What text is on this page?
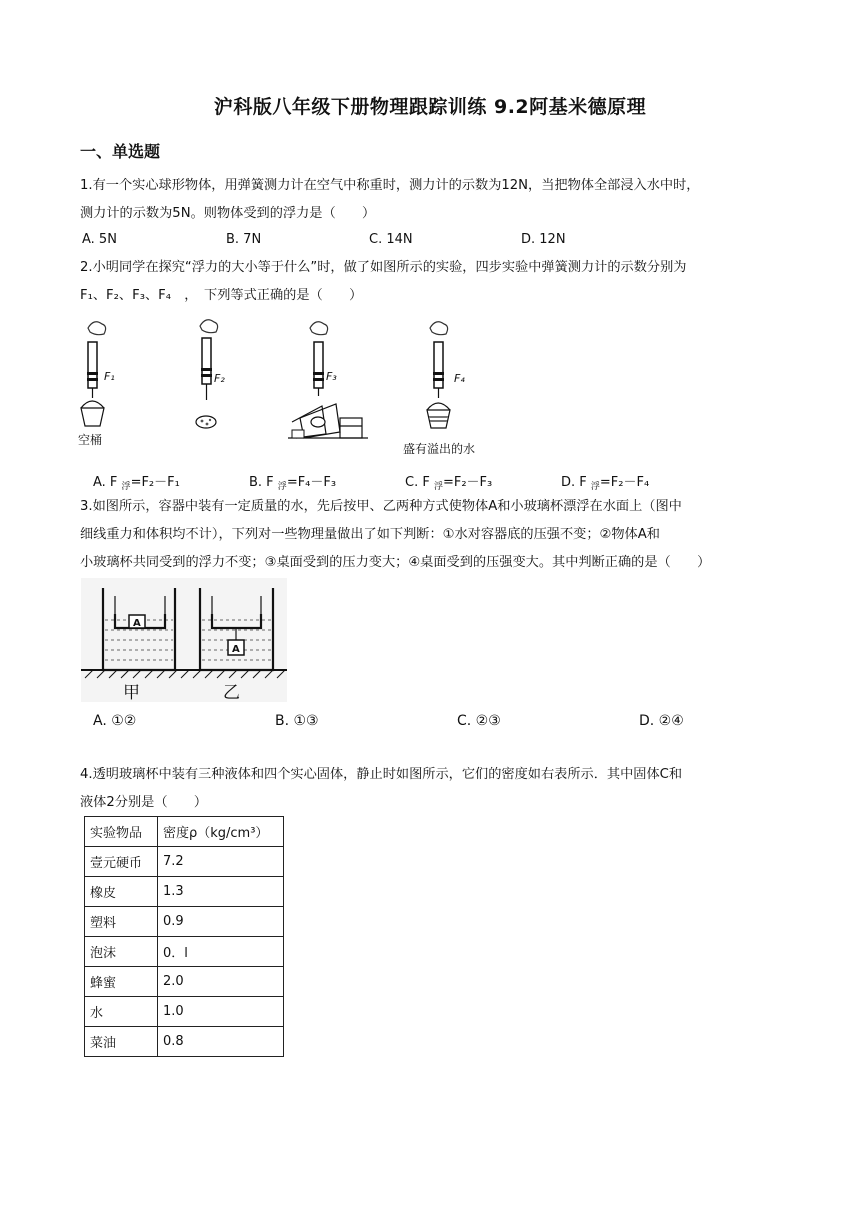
沪科版八年级下册物理跟踪训练 9.2阿基米德原理
一、单选题
1.有一个实心球形物体，用弹簧测力计在空气中称重时，测力计的示数为12N，当把物体全部浸入水中时，
测力计的示数为5N。则物体受到的浮力是（　　）
A. 5N	B. 7N	C. 14N	D. 12N
2.小明同学在探究“浮力的大小等于什么”时，做了如图所示的实验，四步实验中弹簧测力计的示数分别为
F₁、F₂、F₃、F₄　，　下列等式正确的是（　　）
F₁	F₂	F₃	F₄
空桶
盛有溢出的水
A. F $_浮$=F₂－F₁	B. F $_浮$=F₄－F₃	C. F $_浮$=F₂－F₃	D. F $_浮$=F₂－F₄
3.如图所示，容器中装有一定质量的水，先后按甲、乙两种方式使物体A和小玻璃杯漂浮在水面上（图中
细线重力和体积均不计），下列对一些物理量做出了如下判断：①水对容器底的压强不变；②物体A和
小玻璃杯共同受到的浮力不变；③桌面受到的压力变大；④桌面受到的压强变大。其中判断正确的是（　　）
A
A
甲	乙
A. ①②	B. ①③	C. ②③	D. ②④
4.透明玻璃杯中装有三种液体和四个实心固体，静止时如图所示，它们的密度如右表所示．其中固体C和
液体2分别是（　　）
实验物品	密度ρ（kg/cm³）
壹元硬币	7.2
橡皮	1.3
塑料	0.9
泡沫	0．l
蜂蜜	2.0
水	1.0
菜油	0.8
